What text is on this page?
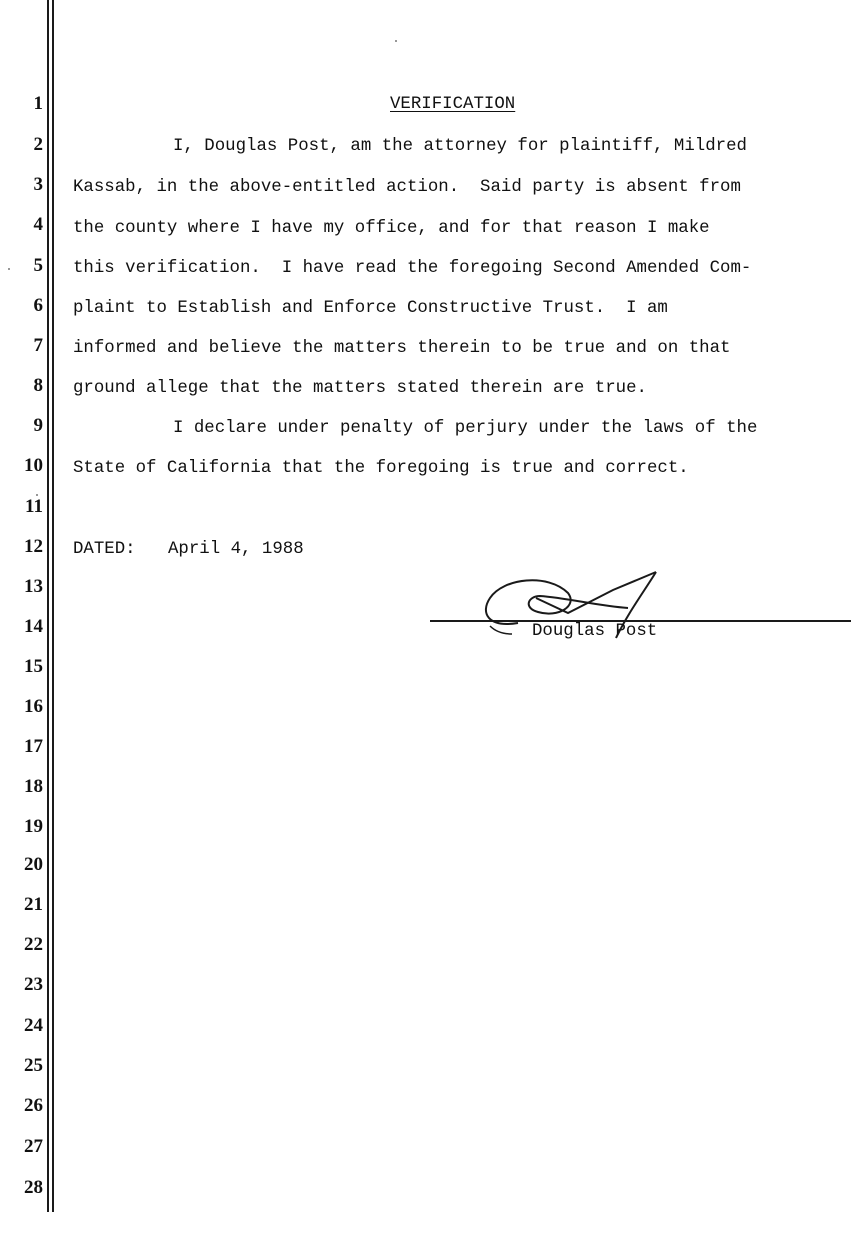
1
2
3
4
5
6
7
8
9
10
11
12
13
14
15
16
17
18
19
20
21
22
23
24
25
26
27
28
VERIFICATION
I, Douglas Post, am the attorney for plaintiff, Mildred
Kassab, in the above-entitled action.  Said party is absent from
the county where I have my office, and for that reason I make
this verification.  I have read the foregoing Second Amended Com-
plaint to Establish and Enforce Constructive Trust.  I am
informed and believe the matters therein to be true and on that
ground allege that the matters stated therein are true.
I declare under penalty of perjury under the laws of the
State of California that the foregoing is true and correct.
DATED: April 4, 1988
Douglas Post
